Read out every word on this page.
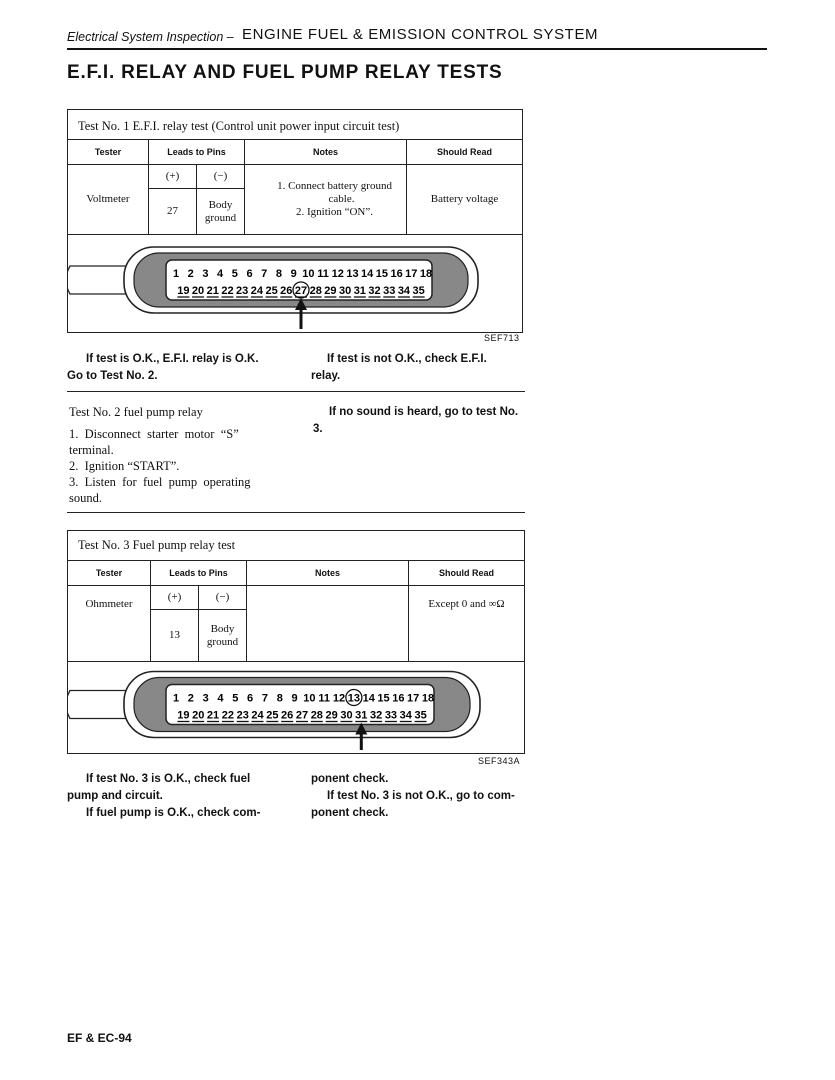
Electrical System Inspection – ENGINE FUEL & EMISSION CONTROL SYSTEM
E.F.I. RELAY AND FUEL PUMP RELAY TESTS
Test No. 1 E.F.I. relay test (Control unit power input circuit test)
Tester	Leads to Pins		Notes	Should Read
Voltmeter	(+)	(−)	1. Connect battery ground
cable.
2. Ignition “ON”.	Battery voltage
	27	Body
ground		
1 2 3 4 5 6 7 8 9 10 11 12 13 14 15 16 17 18
19 20 21 22 23 24 25 26 27 28 29 30 31 32 33 34 35
SEF713
If test is O.K., E.F.I. relay is O.K.
Go to Test No. 2.
If test is not O.K., check E.F.I.
relay.
Test No. 2 fuel pump relay
1.  Disconnect  starter  motor  “S”
terminal.
2.  Ignition “START”.
3.  Listen  for  fuel  pump  operating
sound.
If no sound is heard, go to test No.
3.
Test No. 3 Fuel pump relay test
Tester	Leads to Pins		Notes	Should Read
Ohmmeter	(+)	(−)		Except 0 and ∞Ω
	13	Body
ground		
1 2 3 4 5 6 7 8 9 10 11 12 13 14 15 16 17 18
19 20 21 22 23 24 25 26 27 28 29 30 31 32 33 34 35
SEF343A
If test No. 3 is O.K., check fuel
pump and circuit.
If fuel pump is O.K., check com-
ponent check.
If test No. 3 is not O.K., go to com-
ponent check.
EF & EC-94
